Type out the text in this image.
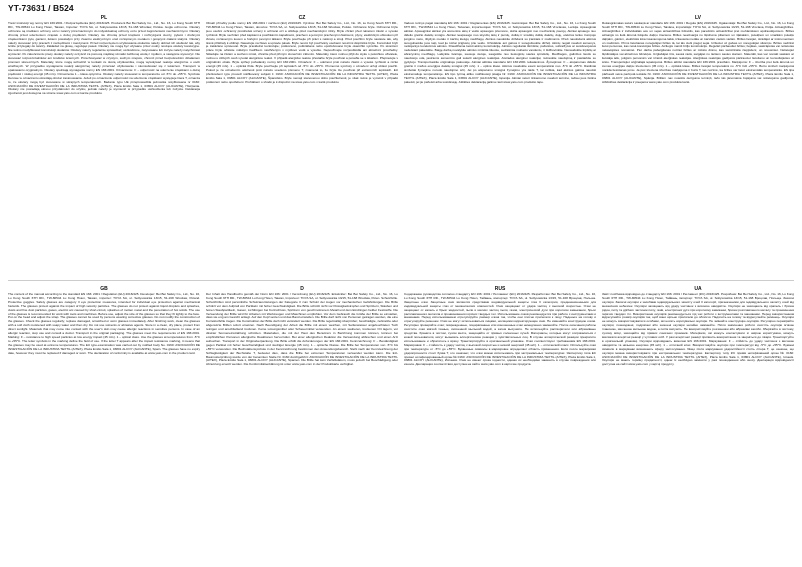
YT-73631 / B524
PL
Treść instrukcji wg normy EN 166:2001 / Rozporządzenia (EU) 2016/425. Producent Bei Bei Safety Co., Ltd., No. 16, Lu Kong South 6TH RD., TW-80544 Lu Kong Hsien, Taiwan, Importer: TOYA SA, ul. Sołtysowicka 13/15, 51-168 Wrocław, Polska. Gogle ochronne. Okulary ochronne są środkiem ochrony oczu i twarzy przeznaczonym do indywidualnej ochrony oczu przed zagrożeniami mechanicznymi. Okulary chronią przed uderzeniem cząstek o dużej prędkości. Okulary nie chronią przed kroplami i rozbryzgami cieczy, pyłami i drobnymi cząsteczkami pyłu, gazami, łukiem powstałym przy zwarciu elektrycznym oraz roztopionym metalem i gorącymi ciałami stałymi. Okulary należy stosować przy pracach z narzędziami i maszynami. Przed rozpoczęciem użytkowania okularów należy dobrać ich wielkość tak, aby ściśle przylegały do twarzy. Zakładać na głowę, regulując pasek. Okulary nie mogą być używane przez osoby noszące okulary korekcyjne. Nie wolno modyfikować konstrukcji okularów. Okulary należy regularnie sprawdzać; uszkodzone, zarysowane lub zużyte należy natychmiast wymienić. Po zakończeniu pracy okulary należy oczyścić za pomocą miękkiej szmatki zwilżonej wodą z mydłem, a następnie wysuszyć. Nie stosować rozpuszczalników ani środków ściernych. Przechowywać w czystym, suchym miejscu, chronić przed bezpośrednim działaniem promieni słonecznych. Materiały, które mogą wchodzić w kontakt ze skórą użytkownika, mogą wywoływać reakcje alergiczne u osób wrażliwych. W przypadku wystąpienia reakcji alergicznej należy przerwać użytkowanie i skonsultować się z lekarzem. Transport w opakowaniu oryginalnym. Okulary spełniają wymagania normy EN 166:2001. Oznaczenie: F – odporność na uderzenie cząstkami o dużej prędkości i niskiej energii (45 m/s). Oznaczenia 1 – klasa optyczna. Okulary należy stosować w temperaturze od -5°C do +55°C. Symbole literowe w oznaczeniu określają obszar zastosowania. Jeżeli po oznaczeniu odporności na uderzenie cząstkami występuje litera T, oznacza to, że okulary mogą być stosowane w skrajnych temperaturach. Badanie typu UE przeprowadziła jednostka notyfikowana nr 0160: ASOCIACIÓN DE INVESTIGACIÓN DE LA INDUSTRIA TEXTIL (AITEX), Plaza Emilio Sala 1, 03801 ALCOY (ALICANTE), Hiszpania. Okulary nie posiadają okresu przydatności do użytku, jednak należy je wymienić w przypadku uszkodzenia lub zużycia. Deklaracja zgodności jest dostępna na stronie www.yato.com w karcie produktu.
CZ
Obsah příručky podle normy EN 166:2001 / nařízení (EU) 2016/425. Výrobce: Bei Bei Safety Co., Ltd., No. 16, Lu Kong South 6TH RD., TW-80544 Lu Kong Hsien, Taiwan, dovozce: TOYA SA, ul. Sołtysowicka 13/15, 51-168 Wrocław, Polsko. Ochranné brýle. Ochranné brýle jsou osobní ochranný prostředek určený k ochraně očí a obličeje před mechanickými riziky. Brýle chrání před nárazem částic o vysoké rychlosti. Brýle nechrání před kapkami a postříkáním kapalinami, prachem a jemnými prachovými částicemi, plyny, elektrickým obloukem při zkratu, roztaveným kovem a horkými pevnými látkami. Brýle používejte při práci s nástroji a stroji. Před použitím brýle nastavte tak, aby těsně přiléhaly k obličeji. Nasazujte na hlavu a upravte pásek. Brýle nesmí být používány osobami nosícími dioptrické brýle. Konstrukci brýlí je zakázáno upravovat. Brýle pravidelně kontrolujte; poškozené, poškrábané nebo opotřebované brýle okamžitě vyměňte. Po skončení práce brýle očistěte měkkým hadříkem navlhčeným v mýdlové vodě a vysušte. Nepoužívejte rozpouštědla ani abrazivní prostředky. Skladujte na čistém a suchém místě, chraňte před přímým slunečním zářením. Materiály, které mohou přijít do styku s pokožkou uživatele, mohou u citlivých osob vyvolat alergickou reakci. V případě alergické reakce přestaňte brýle používat a poraďte se s lékařem. Přepravujte v originálním obalu. Brýle splňují požadavky normy EN 166:2001. Označení: F – odolnost proti nárazu částic o vysoké rychlosti a nízké energii (45 m/s). 1 – optická třída. Brýle používejte při teplotách od -5°C do +55°C. Písmenné symboly v označení určují oblast použití. Pokud je za označením odolnosti proti nárazu uvedeno písmeno T, znamená to, že brýle lze používat při extrémních teplotách. EU přezkoušení typu provedl notifikovaný subjekt č. 0160: ASOCIACIÓN DE INVESTIGACIÓN DE LA INDUSTRIA TEXTIL (AITEX), Plaza Emilio Sala 1, 03801 ALCOY (ALICANTE), Španělsko. Brýle nemají stanovenou dobu použitelnosti, je však nutné je vyměnit v případě poškození nebo opotřebení. Prohlášení o shodě je k dispozici na www.yato.com v kartě produktu.
LT
Vadovo turinys pagal standartą EN 166: 2001 / Reglamentas (ES) 2016/425. Gamintojas: Bei Bei Safety Co., Ltd., No. 16, Lu Kong South 6TH RD., TW-80544 Lu Kong Hsien, Taivanas, importuotojas: TOYA SA, ul. Sołtysowicka 13/15, 51-168 Vroclavas, Lenkija. Apsauginiai akiniai. Apsauginiai akiniai yra asmeninė akių ir veido apsaugos priemonė, skirta apsaugoti nuo mechaninių pavojų. Akiniai apsaugo nuo didelio greičio dalelių smūgio. Akiniai neapsaugo nuo skysčių lašų ir purslų, dulkių ir smulkių dulkių dalelių, dujų, elektros lanko trumpojo jungimo metu, išlydyto metalo ir karštų kietųjų medžiagų. Akinius naudokite dirbdami su įrankiais ir mašinomis. Prieš naudodami akinius sureguliuokite juos taip, kad jie tvirtai priglustų prie veido. Užsidėkite ant galvos ir sureguliuokite dirželį. Akinių negali naudoti asmenys, nešiojantys korekcinius akinius. Draudžiama keisti akinių konstrukciją. Akinius reguliariai tikrinkite; pažeistus, subraižytus ar susidėvėjusius nedelsiant pakeiskite. Baigę darbą nuvalykite akinius minkšta šluoste, sudrėkinta muiluotu vandeniu, ir išdžiovinkite. Nenaudokite tirpiklių ar abrazyvinių medžiagų. Laikykite švarioje, sausoje vietoje, saugokite nuo tiesioginių saulės spindulių. Medžiagos, galinčios liestis su naudotojo oda, jautriems asmenims gali sukelti alergines reakcijas. Atsiradus alerginei reakcijai, nutraukite naudojimą ir pasitarkite su gydytoju. Transportuokite originalioje pakuotėje. Akiniai atitinka standarto EN 166:2001 reikalavimus. Žymėjimas: F – atsparumas didelio greičio ir mažos energijos dalelių smūgiui (45 m/s). 1 – optinė klasė. Akinius naudokite esant temperatūrai nuo -5°C iki +55°C. Raidiniai simboliai žymėjime nurodo naudojimo sritį. Jei po atsparumo smūgiui žymėjimo yra raidė T, tai reiškia, kad akinius galima naudoti ekstremalioje temperatūroje. ES tipo tyrimą atliko notifikuotoji įstaiga Nr. 0160: ASOCIACIÓN DE INVESTIGACIÓN DE LA INDUSTRIA TEXTIL (AITEX), Plaza Emilio Sala 1, 03801 ALCOY (ALICANTE), Ispanija. Akiniai neturi tinkamumo naudoti termino, tačiau juos būtina pakeisti, jei jie pažeisti arba susidėvėję. Atitikties deklaraciją galima rasti www.yato.com produkto lape.
LV
Rokasgrāmatas saturs saskaņā ar standartu EN 166: 2001 / Regula (ES) 2016/425. Izgatavotājs: Bei Bei Safety Co., Ltd., No. 16, Lu Kong South 6TH RD., TW-80544 Lu Kong Hsien, Taivāna, importētājs: TOYA SA, ul. Sołtysowicka 13/15, 51-168 Vroclava, Polija. Aizsargbrilles. Aizsargbrilles ir individuālais acu un sejas aizsardzības līdzeklis, kas paredzēts aizsardzībai pret mehāniskiem apdraudējumiem. Brilles aizsargā no lielā ātrumā lidojošu daļiņu trieciena. Brilles neaizsargā no šķidruma pilieniem un šļakatām, putekļiem un smalkām putekļu daļiņām, gāzēm, elektriskā loka īssavienojuma laikā, izkausēta metāla un karstām cietām vielām. Brilles lietojiet, strādājot ar instrumentiem un mašīnām. Pirms lietošanas noregulējiet brilles tā, lai tās cieši pieguļ sejai. Uzlieciet uz galvas un noregulējiet siksniņu. Brilles nedrīkst lietot personas, kas nēsā korekcijas brilles. Aizliegts mainīt briļļu konstrukciju. Regulāri pārbaudiet brilles; bojātas, saskrāpētas vai nolietotas nekavējoties nomainiet. Pēc darba pabeigšanas notīriet brilles ar mīkstu drānu, kas samitrināta ziepjūdenī, un nosusiniet. Nelietojiet šķīdinātājus vai abrazīvus līdzekļus. Uzglabājiet tīrā, sausā vietā, sargājiet no tiešiem saules stariem. Materiāli, kas var nonākt saskarē ar lietotāja ādu, jutīgām personām var izraisīt alerģiskas reakcijas. Alerģiskas reakcijas gadījumā pārtrauciet lietošanu un konsultējieties ar ārstu. Transportējiet oriģinālajā iepakojumā. Brilles atbilst standarta EN 166:2001 prasībām. Marķējums: F – izturība pret lielā ātrumā un zemas enerģijas daļiņu triecieniem (45 m/s). 1 – optiskā klase. Brilles lietojiet temperatūrā no -5°C līdz +55°C. Burtu simboli marķējumā norāda lietošanas jomu. Ja pēc trieciena izturības marķējuma ir burts T, tas nozīmē, ka brilles var lietot ekstremālās temperatūrās. ES tipa pārbaudi veica paziņotā iestāde Nr. 0160: ASOCIACIÓN DE INVESTIGACIÓN DE LA INDUSTRIA TEXTIL (AITEX), Plaza Emilio Sala 1, 03801 ALCOY (ALICANTE), Spānija. Brillēm nav noteikts derīguma termiņš, taču tās jānomaina bojājuma vai nolietojuma gadījumā. Atbilstības deklarācija ir pieejama www.yato.com produkta kartē.
GB
The content of the manual according to the standard EN 166: 2001 / Regulation (EU) 2016/425. Developer: Bei Bei Safety Co., Ltd., No. 16, Lu Kong South 6TH RD., TW-80544 Lu Kong Hsien, Taiwan, importer: TOYA SA, ul. Sołtysowicka 13/15, 51-168 Wrocław, Poland. Protective goggles. Safety glasses are category II eye protection measures, intended for individual eye protection against mechanical hazards. The glasses protect against the impact of high velocity particles. The glasses do not protect against liquid droplets and splashes, dusts and fine dust particles, gases, electric arc caused by short-circuit, splashes of molten metal and the penetration of hot solids. The use of the glasses is recommended for work with tools and machines. Before use, adjust the size of the glasses so that they fit tightly to the face. Put on the head and adjust the strap. The glasses cannot be used by persons wearing corrective glasses. Do not modify the construction of the glasses. Check the glasses regularly; replace damaged, scratched or worn glasses immediately. After finishing work, clean the glasses with a soft cloth moistened with soapy water and then dry. Do not use solvents or abrasive agents. Store in a clean, dry place, protect from direct sunlight. Materials that may come into contact with the user's skin may cause allergic reactions in sensitive persons. In case of an allergic reaction, stop use and consult a doctor. Transport in the original packaging. The glasses meet the requirements of EN 166:2001. Marking: F – resistance to high speed particles at low energy impact (45 m/s). 1 – optical class. Use the glasses at temperatures from -5°C to +55°C. The letter symbols in the marking define the field of use. If the letter T appears after the impact resistance marking, it means that the glasses may be used at extreme temperatures. The EU type-examination was carried out by notified body No. 0160: ASOCIACIÓN DE INVESTIGACIÓN DE LA INDUSTRIA TEXTIL (AITEX), Plaza Emilio Sala 1, 03801 ALCOY (ALICANTE), Spain. The glasses have no expiry date, however they must be replaced if damaged or worn. The declaration of conformity is available at www.yato.com in the product card.
D
Der Inhalt des Handbuchs gemäß der Norm EN 166: 2001 / Verordnung (EU) 2016/425. Entwickler: Bei Bei Safety Co., Ltd., No. 16, Lu Kong South 6TH RD., TW-80544 Lu Kong Hsien, Taiwan, Importeur: TOYA SA, ul. Sołtysowicka 13/15, 51-168 Wrocław, Polen. Schutzbrille. Schutzbrillen sind persönliche Schutzausrüstungen der Kategorie II zum Schutz der Augen vor mechanischen Gefährdungen. Die Brille schützt vor dem Aufprall von Partikeln mit hoher Geschwindigkeit. Die Brille schützt nicht vor Flüssigkeitstropfen und Spritzern, Stäuben und feinen Staubpartikeln, Gasen, Lichtbögen bei Kurzschluss, Spritzern von geschmolzenem Metall und dem Eindringen heißer Feststoffe. Die Verwendung der Brille wird für Arbeiten mit Werkzeugen und Maschinen empfohlen. Vor dem Gebrauch die Größe der Brille so einstellen, dass sie eng am Gesicht anliegt. Auf den Kopf setzen und das Band einstellen. Die Brille darf nicht von Personen getragen werden, die eine Korrekturbrille tragen. Die Konstruktion der Brille darf nicht verändert werden. Die Brille regelmäßig überprüfen; beschädigte, zerkratzte oder abgenutzte Brillen sofort ersetzen. Nach Beendigung der Arbeit die Brille mit einem weichen, mit Seifenwasser angefeuchteten Tuch reinigen und anschließend trocknen. Keine Lösungsmittel oder Scheuermittel verwenden. An einem sauberen, trockenen Ort lagern, vor direkter Sonneneinstrahlung schützen. Materialien, die mit der Haut des Benutzers in Berührung kommen können, können bei empfindlichen Personen allergische Reaktionen hervorrufen. Bei einer allergischen Reaktion die Verwendung abbrechen und einen Arzt aufsuchen. Transport in der Originalverpackung. Die Brille erfüllt die Anforderungen der EN 166:2001. Kennzeichnung: F – Beständigkeit gegen Partikel mit hoher Geschwindigkeit und niedriger Energie (45 m/s). 1 – optische Klasse. Die Brille bei Temperaturen von -5°C bis +55°C verwenden. Die Buchstabensymbole in der Kennzeichnung bestimmen den Anwendungsbereich. Steht nach der Kennzeichnung der Schlagfestigkeit der Buchstabe T, bedeutet dies, dass die Brille bei extremen Temperaturen verwendet werden kann. Die EU-Baumusterprüfung wurde von der benannten Stelle Nr. 0160 durchgeführt: ASOCIACIÓN DE INVESTIGACIÓN DE LA INDUSTRIA TEXTIL (AITEX), Plaza Emilio Sala 1, 03801 ALCOY (ALICANTE), Spanien. Die Brille hat kein Verfallsdatum, muss jedoch bei Beschädigung oder Abnutzung ersetzt werden. Die Konformitätserklärung ist unter www.yato.com in der Produktkarte verfügbar.
RUS
Содержание руководства согласно стандарту EN 166: 2001 / Регламент (ЕС) 2016/425. Разработчик: Bei Bei Safety Co., Ltd., No. 16, Lu Kong South 6TH RD., TW-80544 Lu Kong Hsien, Тайвань, импортер: TOYA SA, ul. Sołtysowicka 13/15, 51-168 Вроцлав, Польша. Защитные очки. Защитные очки являются средствами индивидуальной защиты глаз II категории, предназначенными для индивидуальной защиты глаз от механических опасностей. Очки защищают от удара частиц с высокой скоростью. Очки не защищают от капель и брызг жидкостей, пыли и мелких частиц пыли, газов, электрической дуги при коротком замыкании, брызг расплавленного металла и проникновения горячих твердых тел. Использование очков рекомендуется при работе с инструментами и машинами. Перед использованием отрегулируйте размер очков так, чтобы они плотно прилегали к лицу. Наденьте на голову и отрегулируйте ремешок. Очки не могут использоваться лицами, носящими корректирующие очки. Не изменяйте конструкцию очков. Регулярно проверяйте очки; поврежденные, поцарапанные или изношенные очки немедленно заменяйте. После окончания работы очистите очки мягкой тканью, смоченной мыльной водой, а затем высушите. Не используйте растворители или абразивные средства. Храните в чистом, сухом месте, защищайте от прямых солнечных лучей. Материалы, которые могут соприкасаться с кожей пользователя, могут вызывать аллергические реакции у чувствительных лиц. В случае аллергической реакции прекратите использование и обратитесь к врачу. Транспортируйте в оригинальной упаковке. Очки соответствуют требованиям EN 166:2001. Маркировка: F – стойкость к удару частиц с высокой скоростью и низкой энергией (45 м/с). 1 – оптический класс. Используйте очки при температуре от -5°C до +55°C. Буквенные символы в маркировке определяют область применения. Если после маркировки ударопрочности стоит буква T, это означает, что очки можно использовать при экстремальных температурах. Экспертизу типа ЕС провел нотифицированный орган № 0160: ASOCIACIÓN DE INVESTIGACIÓN DE LA INDUSTRIA TEXTIL (AITEX), Plaza Emilio Sala 1, 03801 ALCOY (ALICANTE), Испания. Очки не имеют срока годности, однако их необходимо заменить в случае повреждения или износа. Декларация соответствия доступна на сайте www.yato.com в карточке продукта.
UA
Зміст посібника відповідно до стандарту EN 166: 2001 / Регламент (ЄС) 2016/425. Розробник: Bei Bei Safety Co., Ltd., No. 16, Lu Kong South 6TH RD., TW-80544 Lu Kong Hsien, Тайвань, імпортер: TOYA SA, ul. Sołtysowicka 13/15, 51-168 Вроцлав, Польща. Захисні окуляри. Захисні окуляри є засобами індивідуального захисту очей II категорії, призначеними для індивідуального захисту очей від механічних небезпек. Окуляри захищають від удару частинок з високою швидкістю. Окуляри не захищають від крапель і бризок рідин, пилу та дрібних частинок пилу, газів, електричної дуги при короткому замиканні, бризок розплавленого металу та проникнення гарячих твердих тіл. Використання окулярів рекомендується під час роботи з інструментами та машинами. Перед використанням відрегулюйте розмір окулярів так, щоб вони щільно прилягали до обличчя. Надягніть на голову та відрегулюйте ремінець. Окуляри не можуть використовуватися особами, які носять коригувальні окуляри. Не змінюйте конструкцію окулярів. Регулярно перевіряйте окуляри; пошкоджені, подряпані або зношені окуляри негайно замінюйте. Після закінчення роботи очистіть окуляри м'якою тканиною, змоченою мильною водою, а потім висушіть. Не використовуйте розчинники або абразивні засоби. Зберігайте в чистому, сухому місці, захищайте від прямих сонячних променів. Матеріали, які можуть контактувати зі шкірою користувача, можуть викликати алергічні реакції у чутливих осіб. У разі алергічної реакції припиніть використання та зверніться до лікаря. Транспортуйте в оригінальній упаковці. Окуляри відповідають вимогам EN 166:2001. Маркування: F – стійкість до удару частинок з високою швидкістю та низькою енергією (45 м/с). 1 – оптичний клас. Використовуйте окуляри при температурі від -5°C до +55°C. Буквені символи в маркуванні визначають сферу застосування. Якщо після маркування ударостійкості стоїть літера T, це означає, що окуляри можна використовувати при екстремальних температурах. Експертизу типу ЄС провів нотифікований орган № 0160: ASOCIACIÓN DE INVESTIGACIÓN DE LA INDUSTRIA TEXTIL (AITEX), Plaza Emilio Sala 1, 03801 ALCOY (ALICANTE), Іспанія. Окуляри не мають терміну придатності, однак їх необхідно замінити у разі пошкодження або зносу. Декларація відповідності доступна на сайті www.yato.com у картці продукту.
